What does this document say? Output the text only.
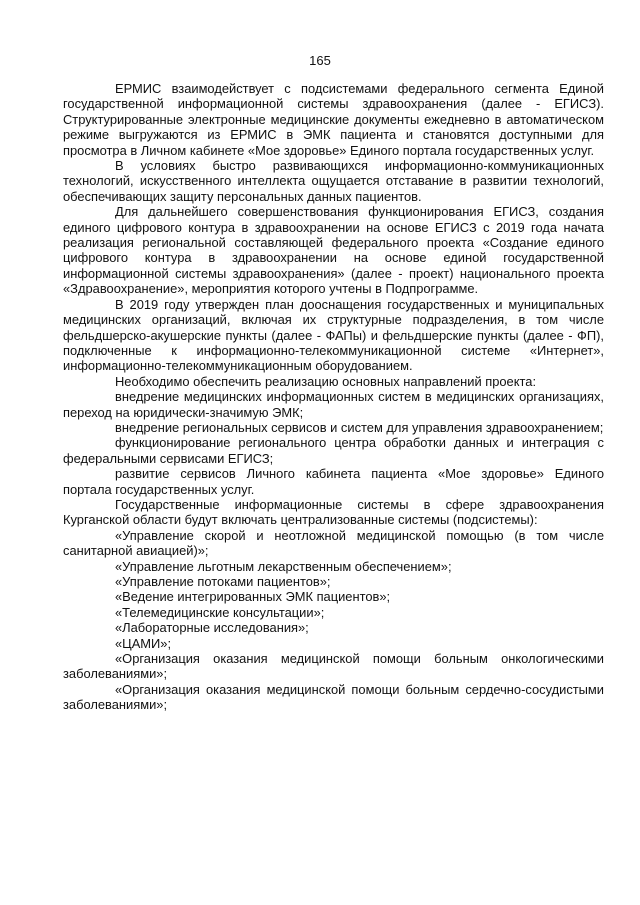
165

ЕРМИС взаимодействует с подсистемами федерального сегмента Единой государственной информационной системы здравоохранения (далее - ЕГИСЗ). Структурированные электронные медицинские документы ежедневно в автоматическом режиме выгружаются из ЕРМИС в ЭМК пациента и становятся доступными для просмотра в Личном кабинете «Мое здоровье» Единого портала государственных услуг.

В условиях быстро развивающихся информационно-коммуникационных технологий, искусственного интеллекта ощущается отставание в развитии технологий, обеспечивающих защиту персональных данных пациентов.

Для дальнейшего совершенствования функционирования ЕГИСЗ, создания единого цифрового контура в здравоохранении на основе ЕГИСЗ с 2019 года начата реализация региональной составляющей федерального проекта «Создание единого цифрового контура в здравоохранении на основе единой государственной информационной системы здравоохранения» (далее - проект) национального проекта «Здравоохранение», мероприятия которого учтены в Подпрограмме.

В 2019 году утвержден план дооснащения государственных и муниципальных медицинских организаций, включая их структурные подразделения, в том числе фельдшерско-акушерские пункты (далее - ФАПы) и фельдшерские пункты (далее - ФП), подключенные к информационно-телекоммуникационной системе «Интернет», информационно-телекоммуникационным оборудованием.

Необходимо обеспечить реализацию основных направлений проекта:

внедрение медицинских информационных систем в медицинских организациях, переход на юридически-значимую ЭМК;

внедрение региональных сервисов и систем для управления здравоохранением;

функционирование регионального центра обработки данных и интеграция с федеральными сервисами ЕГИСЗ;

развитие сервисов Личного кабинета пациента «Мое здоровье» Единого портала государственных услуг.

Государственные информационные системы в сфере здравоохранения Курганской области будут включать централизованные системы (подсистемы):

«Управление скорой и неотложной медицинской помощью (в том числе санитарной авиацией)»;

«Управление льготным лекарственным обеспечением»;

«Управление потоками пациентов»;

«Ведение интегрированных ЭМК пациентов»;

«Телемедицинские консультации»;

«Лабораторные исследования»;

«ЦАМИ»;

«Организация оказания медицинской помощи больным онкологическими заболеваниями»;

«Организация оказания медицинской помощи больным сердечно-сосудистыми заболеваниями»;
